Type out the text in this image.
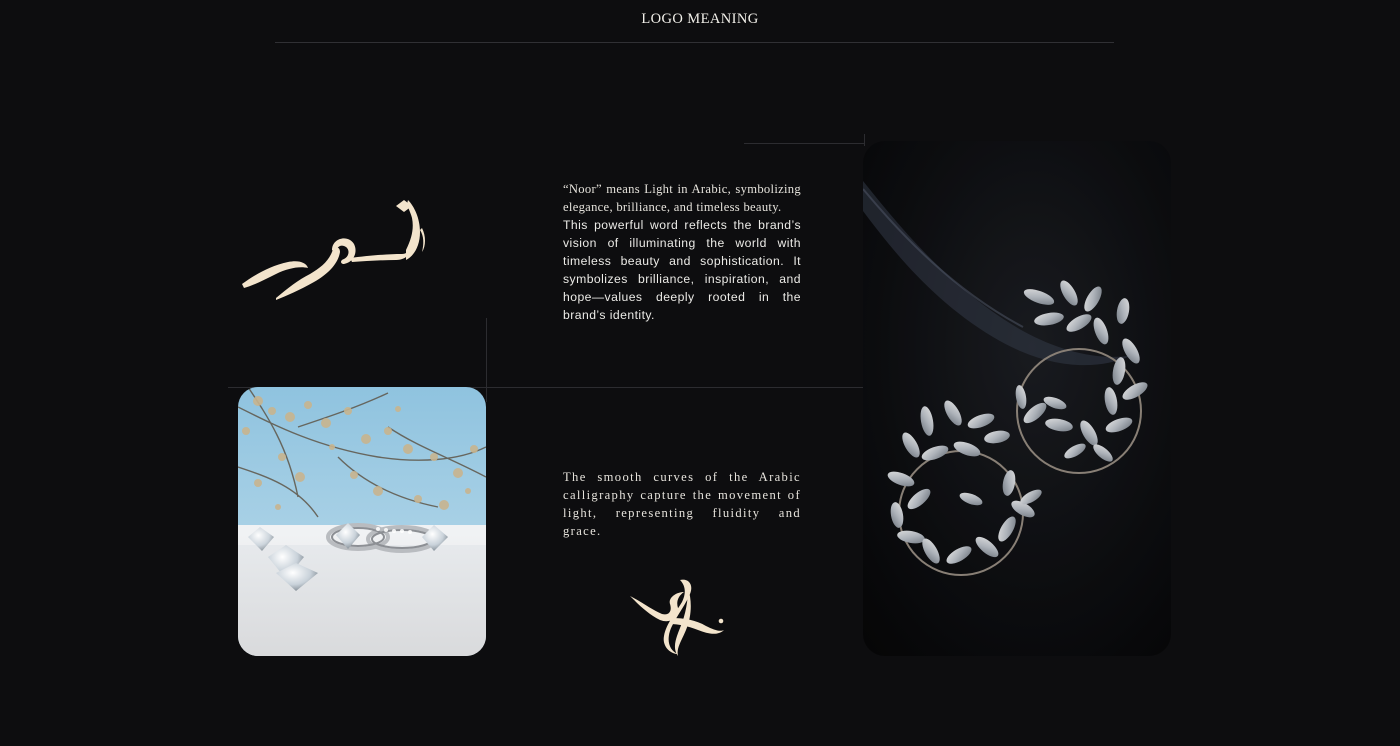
LOGO MEANING
“Noor” means Light in Arabic, symbolizing elegance, brilliance, and timeless beauty.
This powerful word reflects the brand’s vision of illuminating the world with timeless beauty and sophistication. It symbolizes brilliance, inspiration, and hope—values deeply rooted in the brand’s identity.
The smooth curves of the Arabic calligraphy capture the movement of light, representing fluidity and grace.
